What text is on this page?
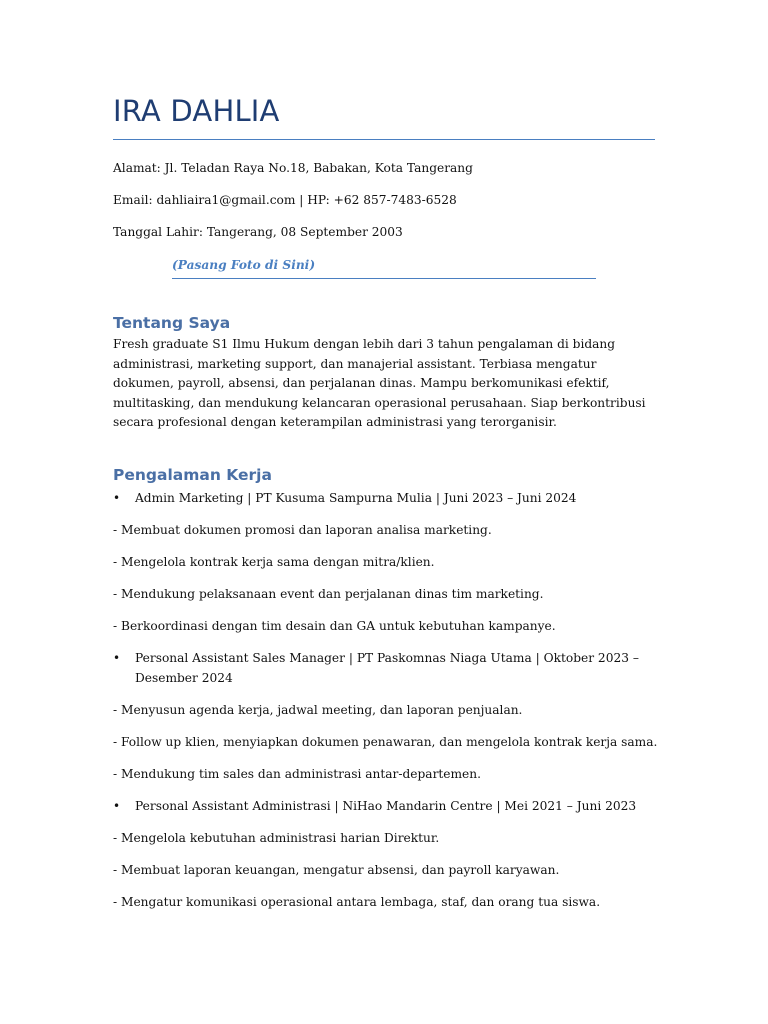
IRA DAHLIA
Alamat: Jl. Teladan Raya No.18, Babakan, Kota Tangerang
Email: dahliaira1@gmail.com | HP: +62 857-7483-6528
Tanggal Lahir: Tangerang, 08 September 2003
(Pasang Foto di Sini)
Tentang Saya
Fresh graduate S1 Ilmu Hukum dengan lebih dari 3 tahun pengalaman di bidang administrasi, marketing support, dan manajerial assistant. Terbiasa mengatur dokumen, payroll, absensi, dan perjalanan dinas. Mampu berkomunikasi efektif, multitasking, dan mendukung kelancaran operasional perusahaan. Siap berkontribusi secara profesional dengan keterampilan administrasi yang terorganisir.
Pengalaman Kerja
•	Admin Marketing | PT Kusuma Sampurna Mulia | Juni 2023 – Juni 2024
- Membuat dokumen promosi dan laporan analisa marketing.
- Mengelola kontrak kerja sama dengan mitra/klien.
- Mendukung pelaksanaan event dan perjalanan dinas tim marketing.
- Berkoordinasi dengan tim desain dan GA untuk kebutuhan kampanye.
•	Personal Assistant Sales Manager | PT Paskomnas Niaga Utama | Oktober 2023 – Desember 2024
- Menyusun agenda kerja, jadwal meeting, dan laporan penjualan.
- Follow up klien, menyiapkan dokumen penawaran, dan mengelola kontrak kerja sama.
- Mendukung tim sales dan administrasi antar-departemen.
•	Personal Assistant Administrasi | NiHao Mandarin Centre | Mei 2021 – Juni 2023
- Mengelola kebutuhan administrasi harian Direktur.
- Membuat laporan keuangan, mengatur absensi, dan payroll karyawan.
- Mengatur komunikasi operasional antara lembaga, staf, dan orang tua siswa.
